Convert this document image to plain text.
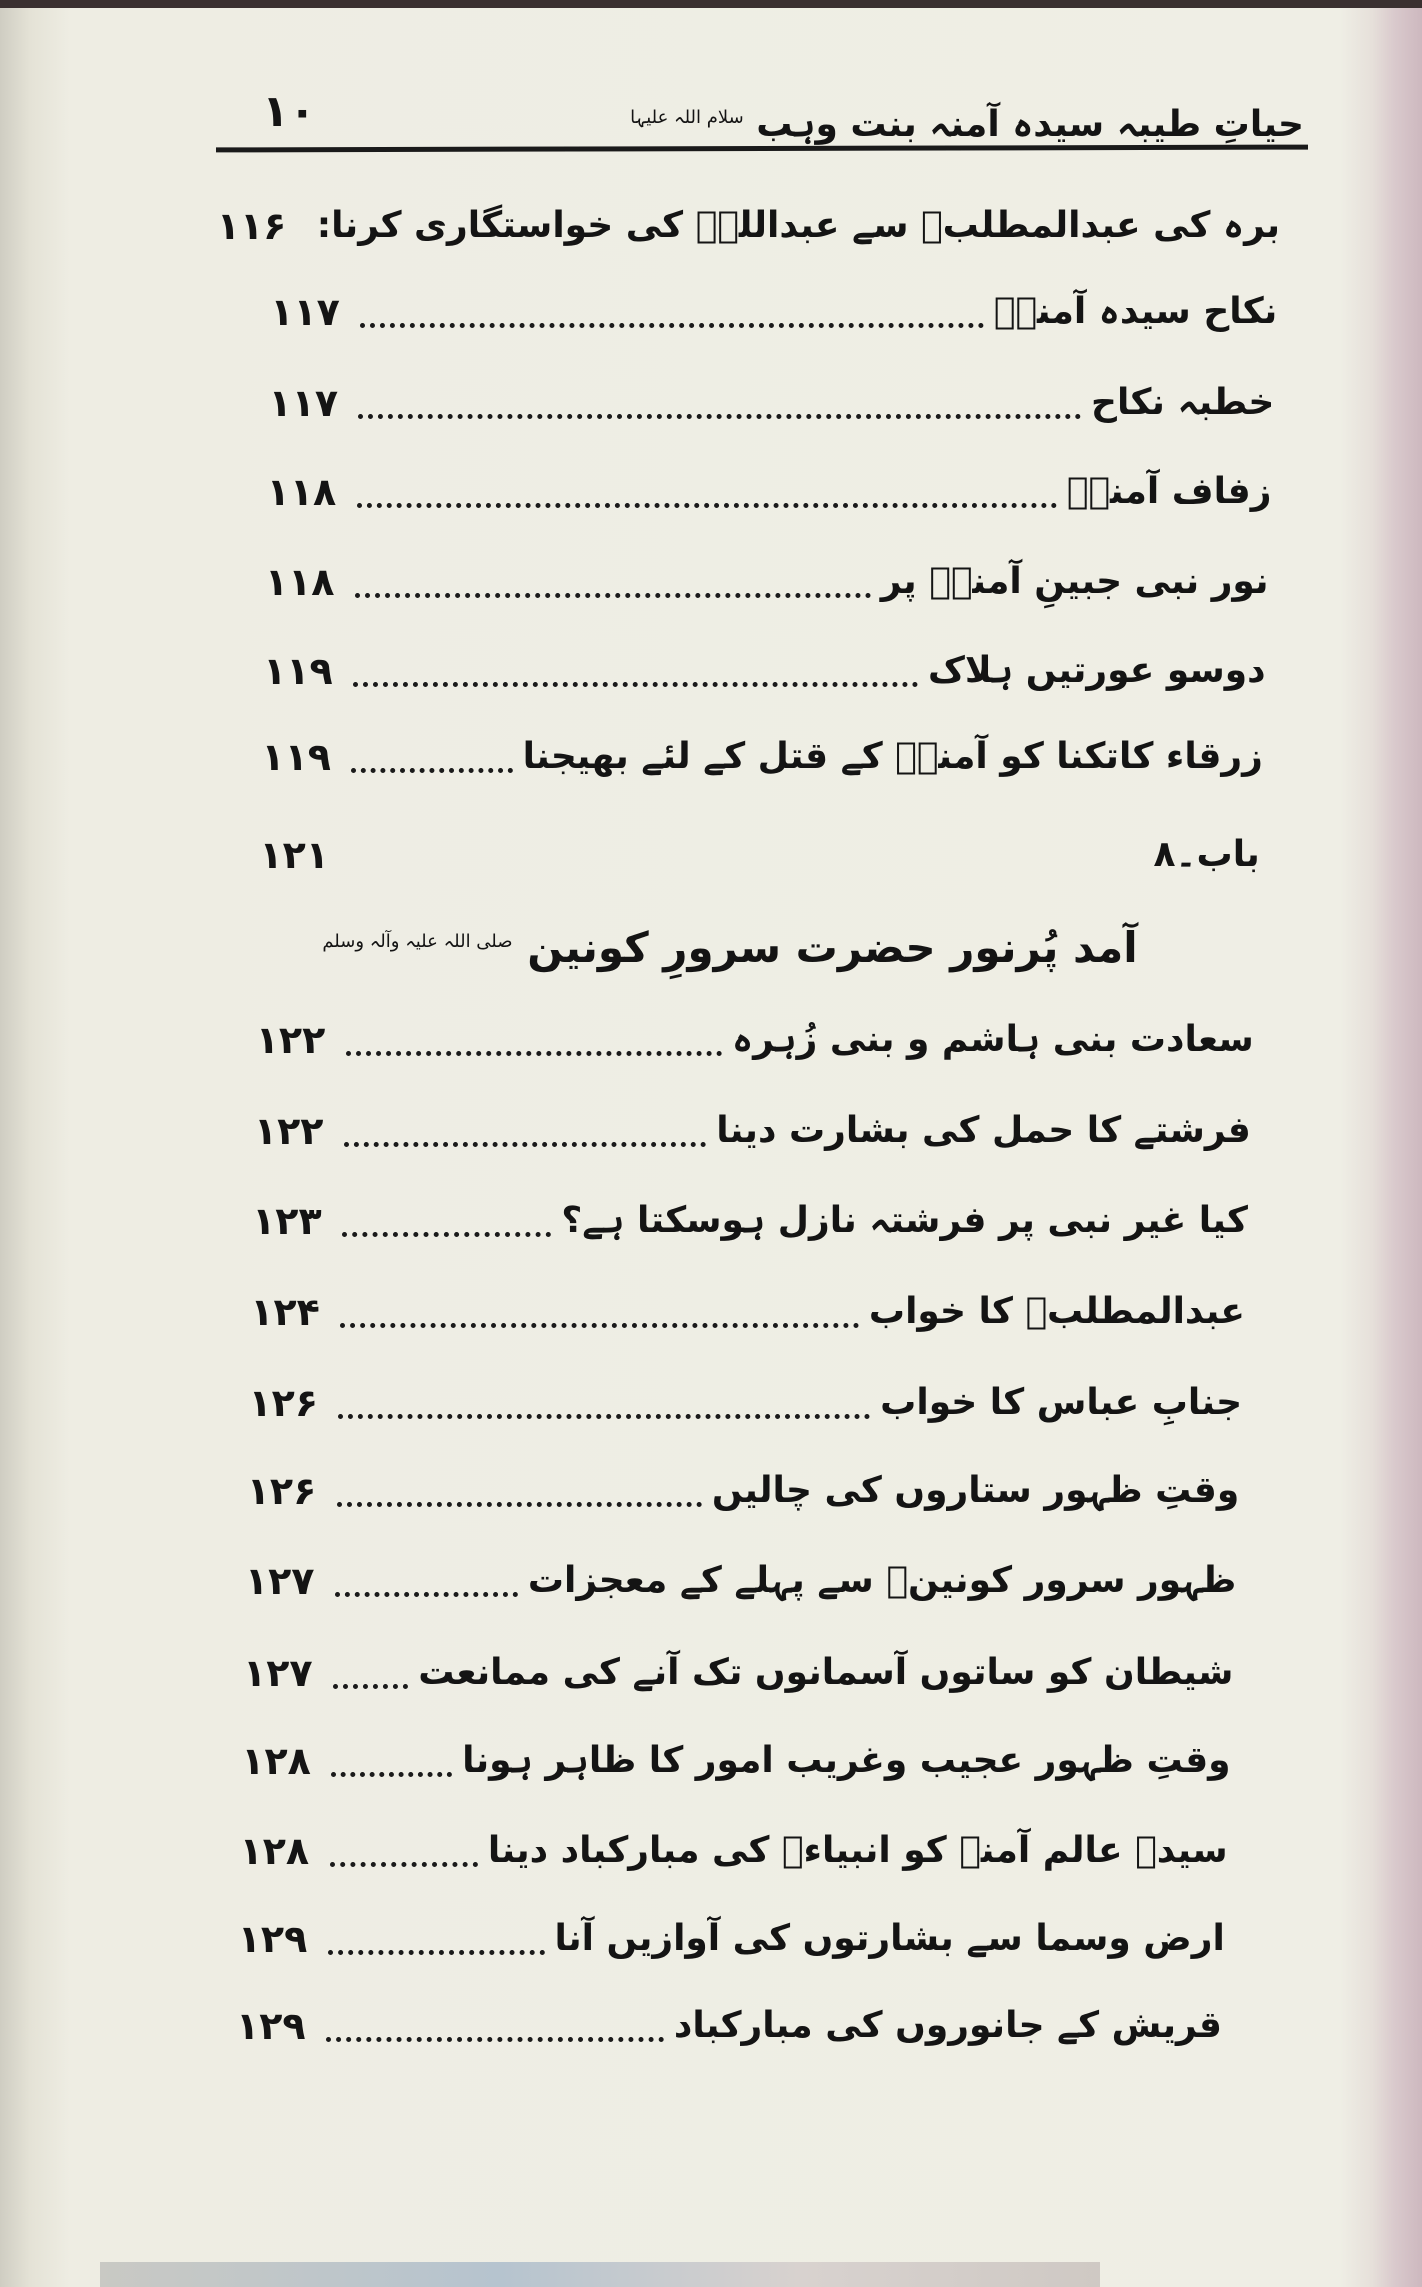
۱۰	حیاتِ طیبہ سیدہ آمنہ بنت وہب $^{سلام اللہ علیہا}$
برہ کی عبدالمطلبؑ سے عبداللہؑ کی خواستگاری کرنا:
۱۱۶
نکاح سیدہ آمنہؑ
۱۱۷
خطبہ نکاح
۱۱۷
زفاف آمنہؑ
۱۱۸
نور نبی جبینِ آمنہؑ پر
۱۱۸
دوسو عورتیں ہلاک
۱۱۹
زرقاء کاتکنا کو آمنہؑ کے قتل کے لئے بھیجنا
۱۱۹
باب۔۸
۱۲۱
آمد پُرنور حضرت سرورِ کونین $^{صلی اللہ علیہ وآلہ وسلم}$
سعادت بنی ہاشم و بنی زُہرہ
۱۲۲
فرشتے کا حمل کی بشارت دینا
۱۲۲
کیا غیر نبی پر فرشتہ نازل ہوسکتا ہے؟
۱۲۳
عبدالمطلبؑ کا خواب
۱۲۴
جنابِ عباس کا خواب
۱۲۶
وقتِ ظہور ستاروں کی چالیں
۱۲۶
ظہور سرور کونینؐ سے پہلے کے معجزات
۱۲۷
شیطان کو ساتوں آسمانوں تک آنے کی ممانعت
۱۲۷
وقتِ ظہور عجیب وغریب امور کا ظاہر ہونا
۱۲۸
سیدہ عالم آمنہ کو انبیاءؑ کی مبارکباد دینا
۱۲۸
ارض وسما سے بشارتوں کی آوازیں آنا
۱۲۹
قریش کے جانوروں کی مبارکباد
۱۲۹
